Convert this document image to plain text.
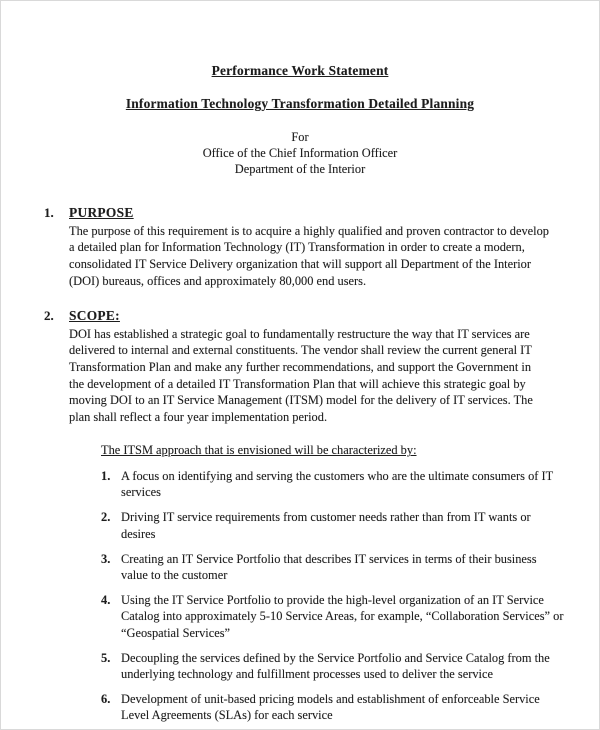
Performance Work Statement
Information Technology Transformation Detailed Planning
For
Office of the Chief Information Officer
Department of the Interior
1.	PURPOSE
The purpose of this requirement is to acquire a highly qualified and proven contractor to develop a detailed plan for Information Technology (IT) Transformation in order to create a modern, consolidated IT Service Delivery organization that will support all Department of the Interior (DOI) bureaus, offices and approximately 80,000 end users.
2.	SCOPE:
DOI has established a strategic goal to fundamentally restructure the way that IT services are delivered to internal and external constituents. The vendor shall review the current general IT Transformation Plan and make any further recommendations, and support the Government in the development of a detailed IT Transformation Plan that will achieve this strategic goal by moving DOI to an IT Service Management (ITSM) model for the delivery of IT services. The plan shall reflect a four year implementation period.
The ITSM approach that is envisioned will be characterized by:
1. A focus on identifying and serving the customers who are the ultimate consumers of IT services
2. Driving IT service requirements from customer needs rather than from IT wants or desires
3. Creating an IT Service Portfolio that describes IT services in terms of their business value to the customer
4. Using the IT Service Portfolio to provide the high-level organization of an IT Service Catalog into approximately 5-10 Service Areas, for example, “Collaboration Services” or “Geospatial Services”
5. Decoupling the services defined by the Service Portfolio and Service Catalog from the underlying technology and fulfillment processes used to deliver the service
6. Development of unit-based pricing models and establishment of enforceable Service Level Agreements (SLAs) for each service
